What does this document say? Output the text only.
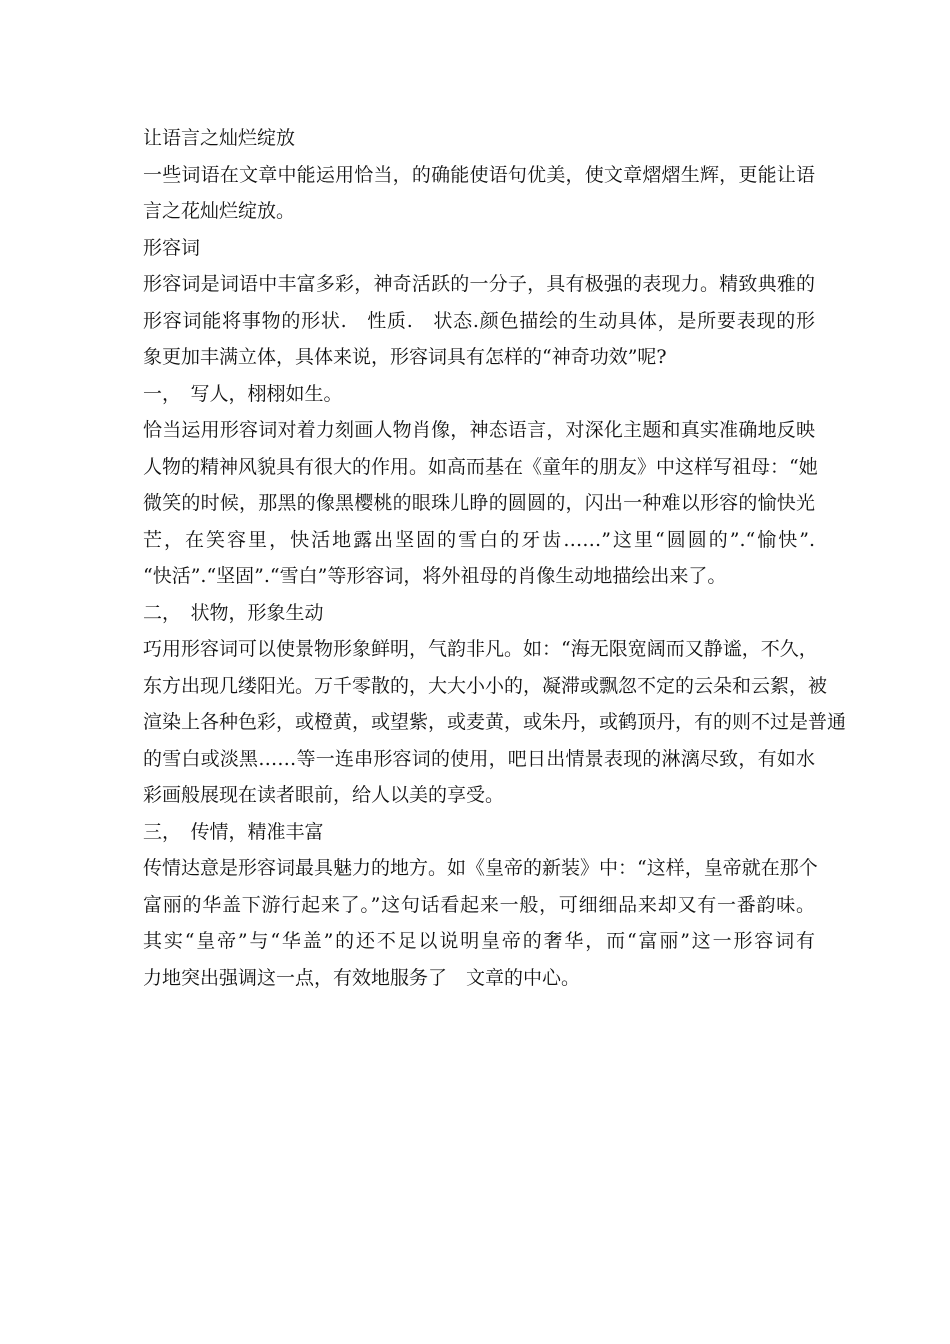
让语言之灿烂绽放

一些词语在文章中能运用恰当，的确能使语句优美，使文章熠熠生辉，更能让语
言之花灿烂绽放。

形容词

形容词是词语中丰富多彩，神奇活跃的一分子，具有极强的表现力。精致典雅的
形容词能将事物的形状.　性质.　状态.颜色描绘的生动具体，是所要表现的形
象更加丰满立体，具体来说，形容词具有怎样的“神奇功效”呢?

一，　写人，栩栩如生。

恰当运用形容词对着力刻画人物肖像，神态语言，对深化主题和真实准确地反映
人物的精神风貌具有很大的作用。如高而基在《童年的朋友》中这样写祖母：“她
微笑的时候，那黑的像黑樱桃的眼珠儿睁的圆圆的，闪出一种难以形容的愉快光
芒，在笑容里，快活地露出坚固的雪白的牙齿……”这里“圆圆的”.“愉快”.
“快活”.“坚固”.“雪白”等形容词，将外祖母的肖像生动地描绘出来了。

二，　状物，形象生动

巧用形容词可以使景物形象鲜明，气韵非凡。如：“海无限宽阔而又静谧，不久，
东方出现几缕阳光。万千零散的，大大小小的，凝滞或飘忽不定的云朵和云絮，被
渲染上各种色彩，或橙黄，或望紫，或麦黄，或朱丹，或鹤顶丹，有的则不过是普通
的雪白或淡黑……等一连串形容词的使用，吧日出情景表现的淋漓尽致，有如水
彩画般展现在读者眼前，给人以美的享受。

三，　传情，精准丰富

传情达意是形容词最具魅力的地方。如《皇帝的新装》中：“这样，皇帝就在那个
富丽的华盖下游行起来了。”这句话看起来一般，可细细品来却又有一番韵味。
其实“皇帝”与“华盖”的还不足以说明皇帝的奢华，而“富丽”这一形容词有
力地突出强调这一点，有效地服务了　文章的中心。
